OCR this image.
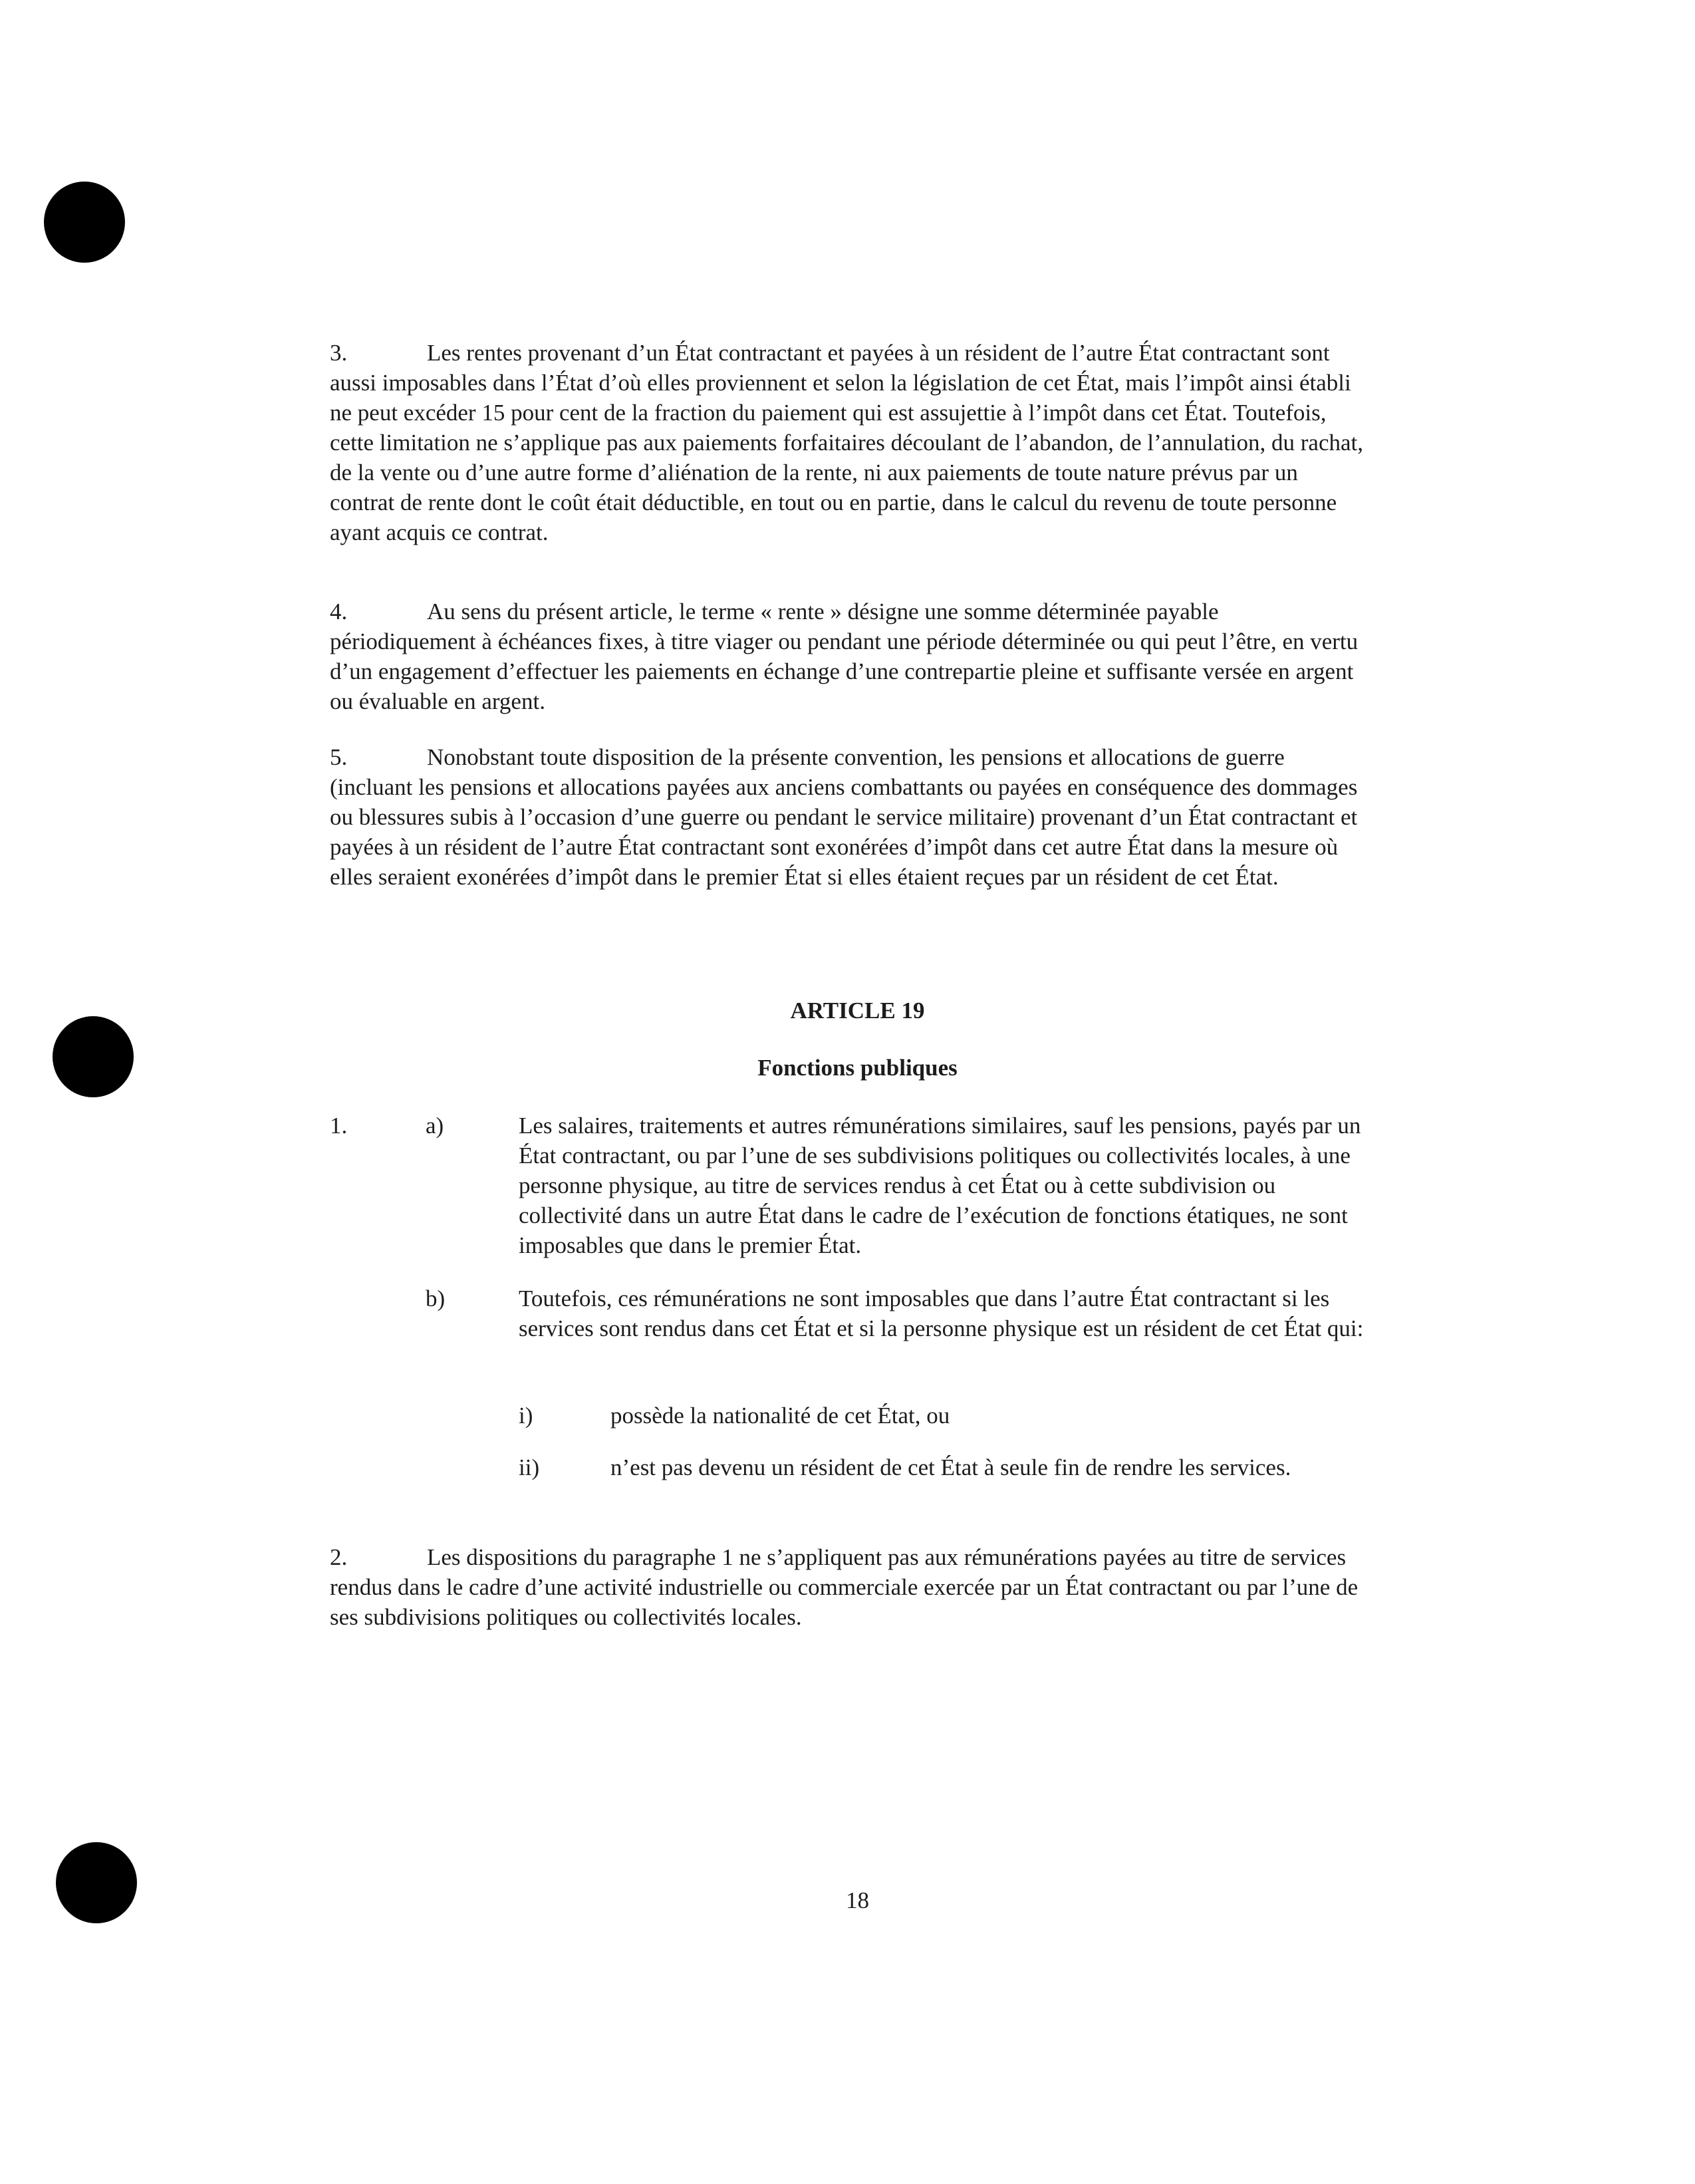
3.	Les rentes provenant d’un État contractant et payées à un résident de l’autre État contractant sont aussi imposables dans l’État d’où elles proviennent et selon la législation de cet État, mais l’impôt ainsi établi ne peut excéder 15 pour cent de la fraction du paiement qui est assujettie à l’impôt dans cet État. Toutefois, cette limitation ne s’applique pas aux paiements forfaitaires découlant de l’abandon, de l’annulation, du rachat, de la vente ou d’une autre forme d’aliénation de la rente, ni aux paiements de toute nature prévus par un contrat de rente dont le coût était déductible, en tout ou en partie, dans le calcul du revenu de toute personne ayant acquis ce contrat.

4.	Au sens du présent article, le terme « rente » désigne une somme déterminée payable périodiquement à échéances fixes, à titre viager ou pendant une période déterminée ou qui peut l’être, en vertu d’un engagement d’effectuer les paiements en échange d’une contrepartie pleine et suffisante versée en argent ou évaluable en argent.

5.	Nonobstant toute disposition de la présente convention, les pensions et allocations de guerre (incluant les pensions et allocations payées aux anciens combattants ou payées en conséquence des dommages ou blessures subis à l’occasion d’une guerre ou pendant le service militaire) provenant d’un État contractant et payées à un résident de l’autre État contractant sont exonérées d’impôt dans cet autre État dans la mesure où elles seraient exonérées d’impôt dans le premier État si elles étaient reçues par un résident de cet État.

ARTICLE 19
Fonctions publiques
1.	a)	Les salaires, traitements et autres rémunérations similaires, sauf les pensions, payés par un État contractant, ou par l’une de ses subdivisions politiques ou collectivités locales, à une personne physique, au titre de services rendus à cet État ou à cette subdivision ou collectivité dans un autre État dans le cadre de l’exécution de fonctions étatiques, ne sont imposables que dans le premier État.
b)	Toutefois, ces rémunérations ne sont imposables que dans l’autre État contractant si les services sont rendus dans cet État et si la personne physique est un résident de cet État qui:
i)	possède la nationalité de cet État, ou
ii)	n’est pas devenu un résident de cet État à seule fin de rendre les services.

2.	Les dispositions du paragraphe 1 ne s’appliquent pas aux rémunérations payées au titre de services rendus dans le cadre d’une activité industrielle ou commerciale exercée par un État contractant ou par l’une de ses subdivisions politiques ou collectivités locales.

18
